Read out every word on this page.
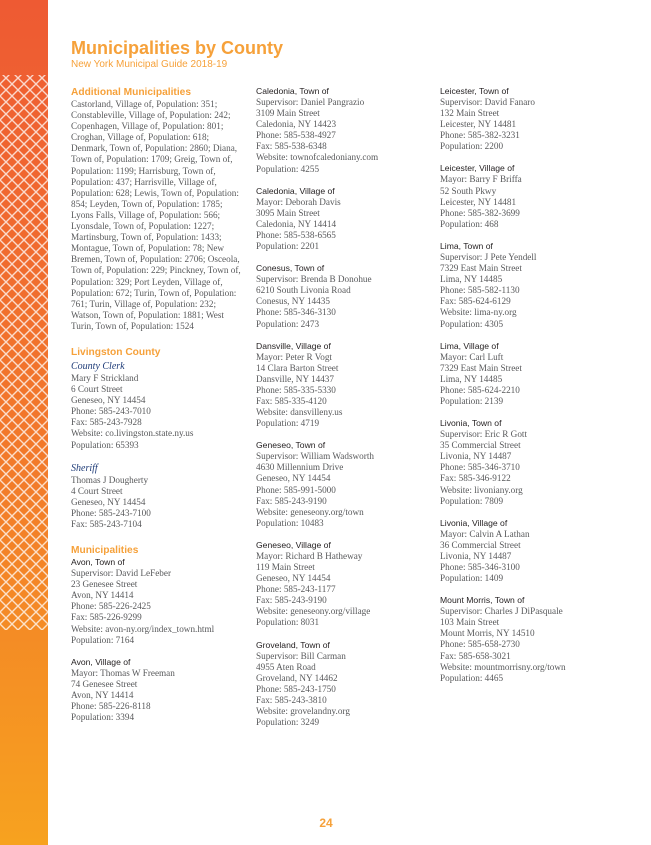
Municipalities by County
New York Municipal Guide 2018-19
Additional Municipalities
Castorland, Village of, Population: 351; Constableville, Village of, Population: 242; Copenhagen, Village of, Population: 801; Croghan, Village of, Population: 618; Denmark, Town of, Population: 2860; Diana, Town of, Population: 1709; Greig, Town of, Population: 1199; Harrisburg, Town of, Population: 437; Harrisville, Village of, Population: 628; Lewis, Town of, Population: 854; Leyden, Town of, Population: 1785; Lyons Falls, Village of, Population: 566; Lyonsdale, Town of, Population: 1227; Martinsburg, Town of, Population: 1433; Montague, Town of, Population: 78; New Bremen, Town of, Population: 2706; Osceola, Town of, Population: 229; Pinckney, Town of, Population: 329; Port Leyden, Village of, Population: 672; Turin, Town of, Population: 761; Turin, Village of, Population: 232; Watson, Town of, Population: 1881; West Turin, Town of, Population: 1524
Livingston County
County Clerk
Mary F Strickland
6 Court Street
Geneseo, NY 14454
Phone: 585-243-7010
Fax: 585-243-7928
Website: co.livingston.state.ny.us
Population: 65393
Sheriff
Thomas J Dougherty
4 Court Street
Geneseo, NY 14454
Phone: 585-243-7100
Fax: 585-243-7104
Municipalities
Avon, Town of
Supervisor: David LeFeber
23 Genesee Street
Avon, NY 14414
Phone: 585-226-2425
Fax: 585-226-9299
Website: avon-ny.org/index_town.html
Population: 7164
Avon, Village of
Mayor: Thomas W Freeman
74 Genesee Street
Avon, NY 14414
Phone: 585-226-8118
Population: 3394
Caledonia, Town of
Supervisor: Daniel Pangrazio
3109 Main Street
Caledonia, NY 14423
Phone: 585-538-4927
Fax: 585-538-6348
Website: townofcaledoniany.com
Population: 4255
Caledonia, Village of
Mayor: Deborah Davis
3095 Main Street
Caledonia, NY 14414
Phone: 585-538-6565
Population: 2201
Conesus, Town of
Supervisor: Brenda B Donohue
6210 South Livonia Road
Conesus, NY 14435
Phone: 585-346-3130
Population: 2473
Dansville, Village of
Mayor: Peter R Vogt
14 Clara Barton Street
Dansville, NY 14437
Phone: 585-335-5330
Fax: 585-335-4120
Website: dansvilleny.us
Population: 4719
Geneseo, Town of
Supervisor: William Wadsworth
4630 Millennium Drive
Geneseo, NY 14454
Phone: 585-991-5000
Fax: 585-243-9190
Website: geneseony.org/town
Population: 10483
Geneseo, Village of
Mayor: Richard B Hatheway
119 Main Street
Geneseo, NY 14454
Phone: 585-243-1177
Fax: 585-243-9190
Website: geneseony.org/village
Population: 8031
Groveland, Town of
Supervisor: Bill Carman
4955 Aten Road
Groveland, NY 14462
Phone: 585-243-1750
Fax: 585-243-3810
Website: grovelandny.org
Population: 3249
Leicester, Town of
Supervisor: David Fanaro
132 Main Street
Leicester, NY 14481
Phone: 585-382-3231
Population: 2200
Leicester, Village of
Mayor: Barry F Briffa
52 South Pkwy
Leicester, NY 14481
Phone: 585-382-3699
Population: 468
Lima, Town of
Supervisor: J Pete Yendell
7329 East Main Street
Lima, NY 14485
Phone: 585-582-1130
Fax: 585-624-6129
Website: lima-ny.org
Population: 4305
Lima, Village of
Mayor: Carl Luft
7329 East Main Street
Lima, NY 14485
Phone: 585-624-2210
Population: 2139
Livonia, Town of
Supervisor: Eric R Gott
35 Commercial Street
Livonia, NY 14487
Phone: 585-346-3710
Fax: 585-346-9122
Website: livoniany.org
Population: 7809
Livonia, Village of
Mayor: Calvin A Lathan
36 Commercial Street
Livonia, NY 14487
Phone: 585-346-3100
Population: 1409
Mount Morris, Town of
Supervisor: Charles J DiPasquale
103 Main Street
Mount Morris, NY 14510
Phone: 585-658-2730
Fax: 585-658-3021
Website: mountmorrisny.org/town
Population: 4465
24
